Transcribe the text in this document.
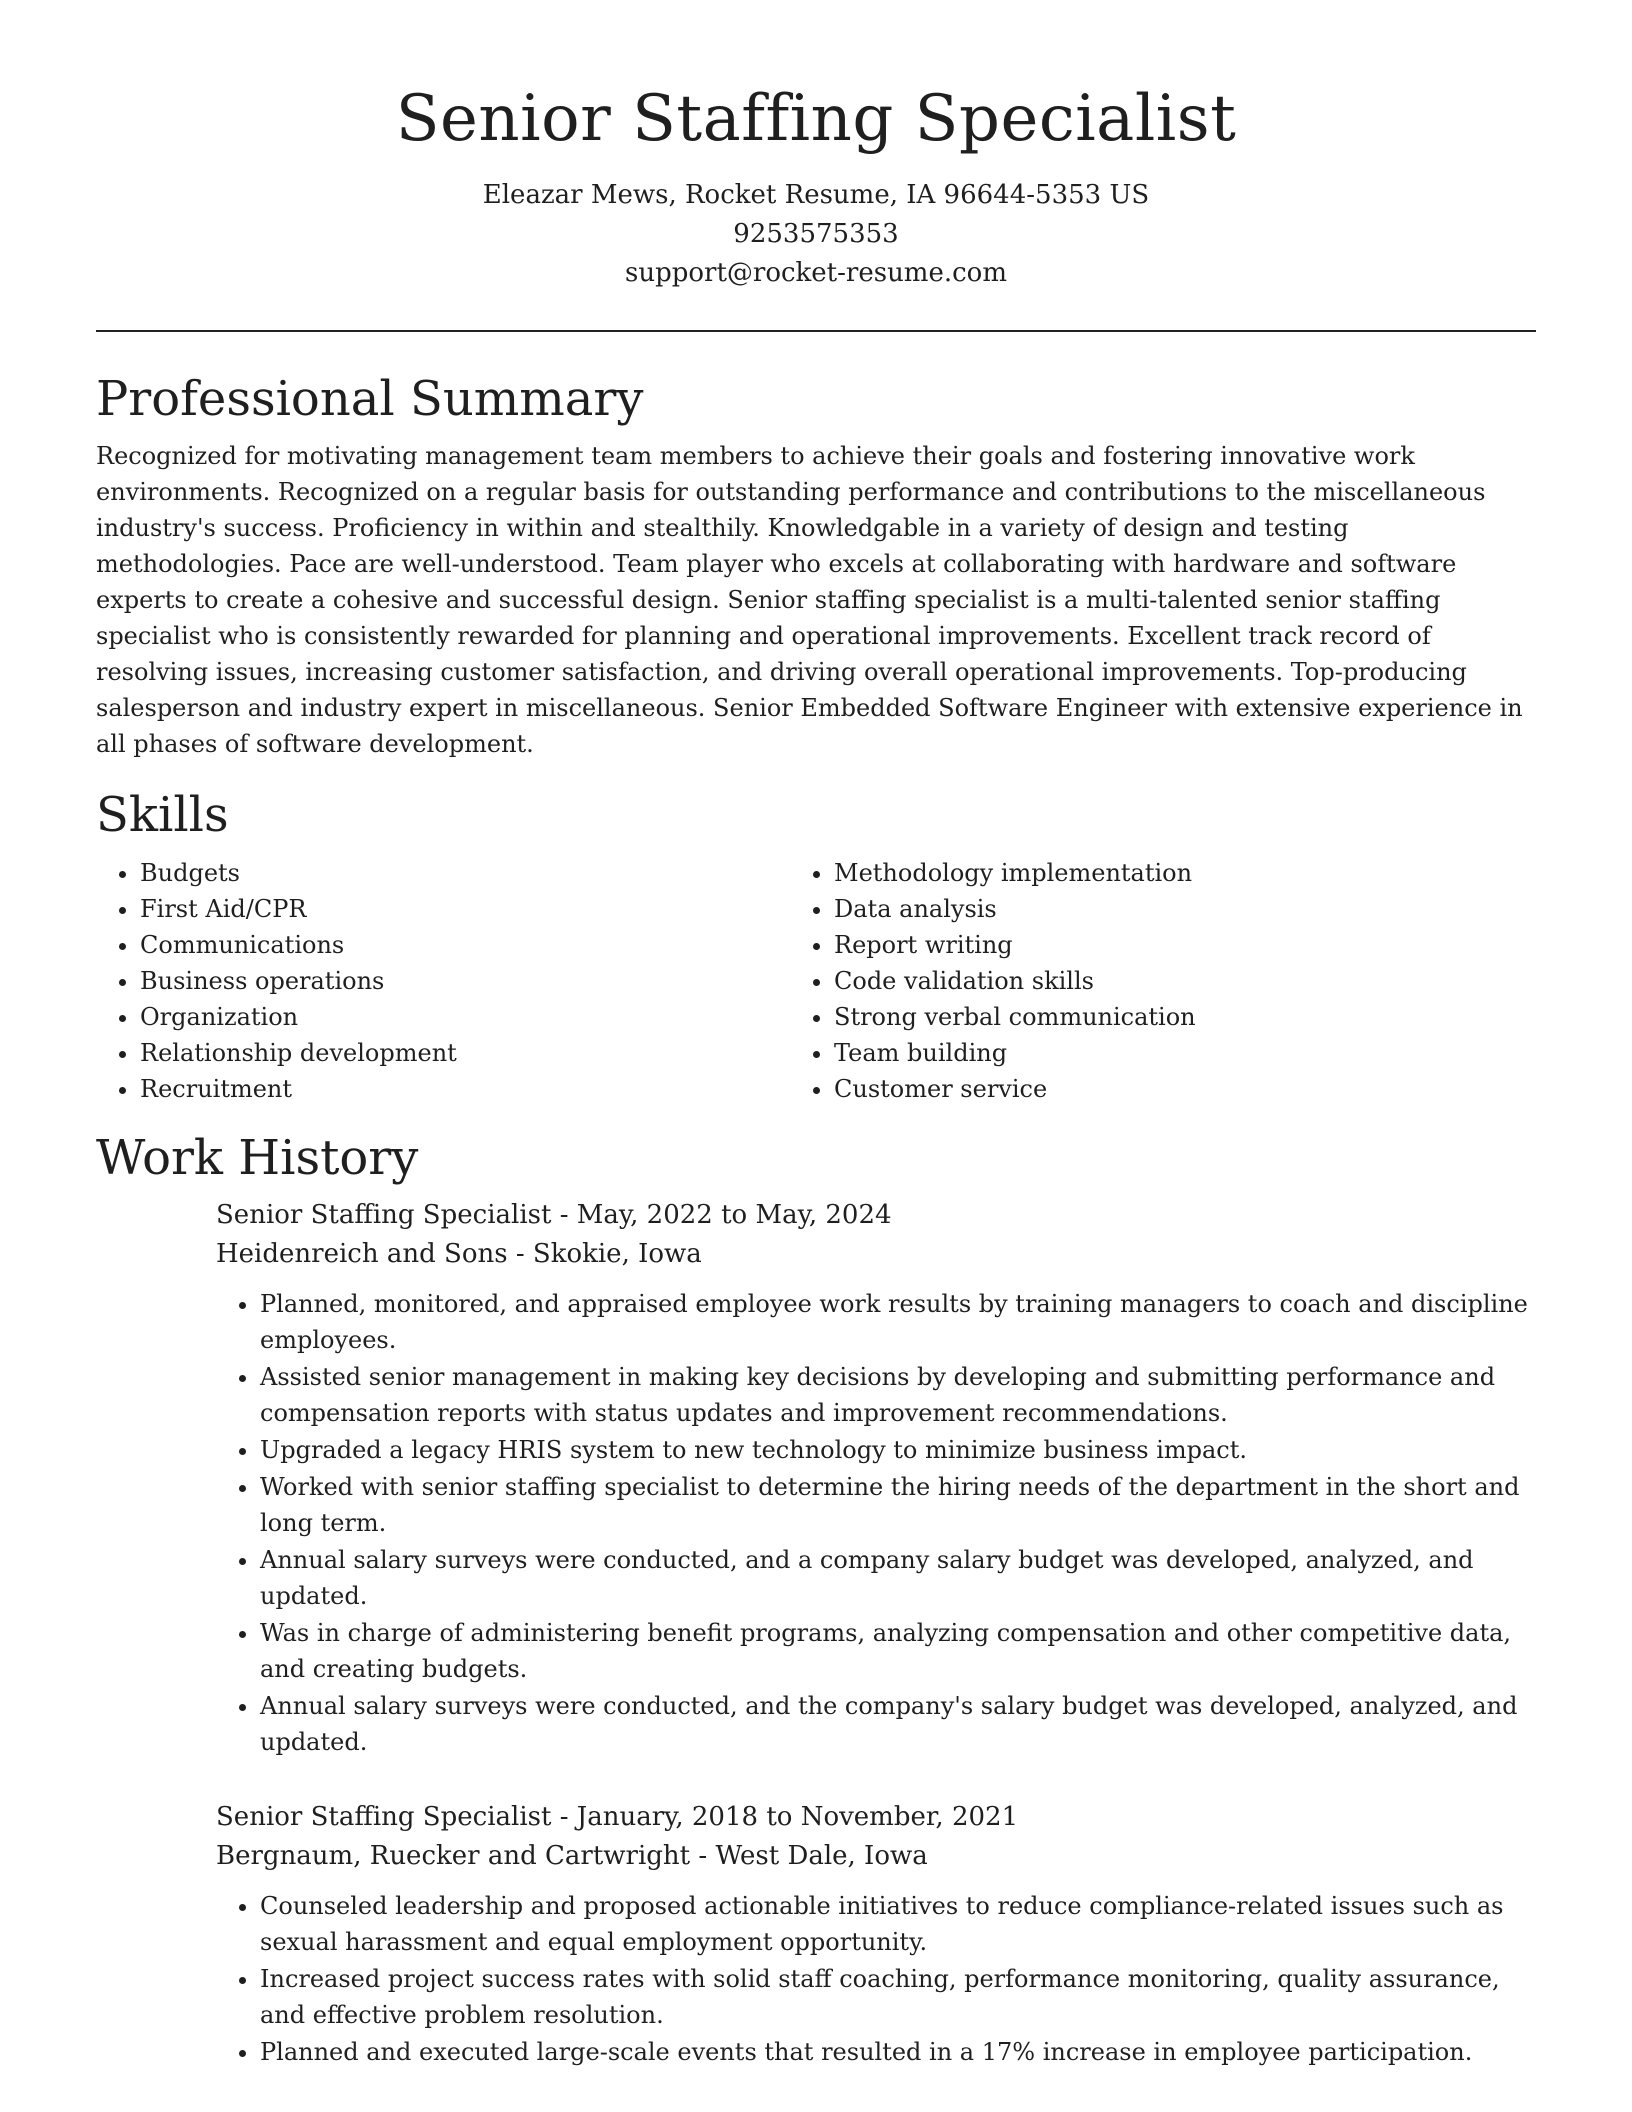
Senior Staffing Specialist
Eleazar Mews, Rocket Resume, IA 96644-5353 US
9253575353
support@rocket-resume.com
Professional Summary

Recognized for motivating management team members to achieve their goals and fostering innovative work environments. Recognized on a regular basis for outstanding performance and contributions to the miscellaneous industry's success. Proficiency in within and stealthily. Knowledgable in a variety of design and testing methodologies. Pace are well-understood. Team player who excels at collaborating with hardware and software experts to create a cohesive and successful design. Senior staffing specialist is a multi-talented senior staffing specialist who is consistently rewarded for planning and operational improvements. Excellent track record of resolving issues, increasing customer satisfaction, and driving overall operational improvements. Top-producing salesperson and industry expert in miscellaneous. Senior Embedded Software Engineer with extensive experience in all phases of software development.

Skills
• Budgets
• First Aid/CPR
• Communications
• Business operations
• Organization
• Relationship development
• Recruitment
• Methodology implementation
• Data analysis
• Report writing
• Code validation skills
• Strong verbal communication
• Team building
• Customer service
Work History
Senior Staffing Specialist - May, 2022 to May, 2024
Heidenreich and Sons - Skokie, Iowa
• Planned, monitored, and appraised employee work results by training managers to coach and discipline employees.
• Assisted senior management in making key decisions by developing and submitting performance and compensation reports with status updates and improvement recommendations.
• Upgraded a legacy HRIS system to new technology to minimize business impact.
• Worked with senior staffing specialist to determine the hiring needs of the department in the short and long term.
• Annual salary surveys were conducted, and a company salary budget was developed, analyzed, and updated.
• Was in charge of administering benefit programs, analyzing compensation and other competitive data, and creating budgets.
• Annual salary surveys were conducted, and the company's salary budget was developed, analyzed, and updated.
Senior Staffing Specialist - January, 2018 to November, 2021
Bergnaum, Ruecker and Cartwright - West Dale, Iowa
• Counseled leadership and proposed actionable initiatives to reduce compliance-related issues such as sexual harassment and equal employment opportunity.
• Increased project success rates with solid staff coaching, performance monitoring, quality assurance, and effective problem resolution.
• Planned and executed large-scale events that resulted in a 17% increase in employee participation.
